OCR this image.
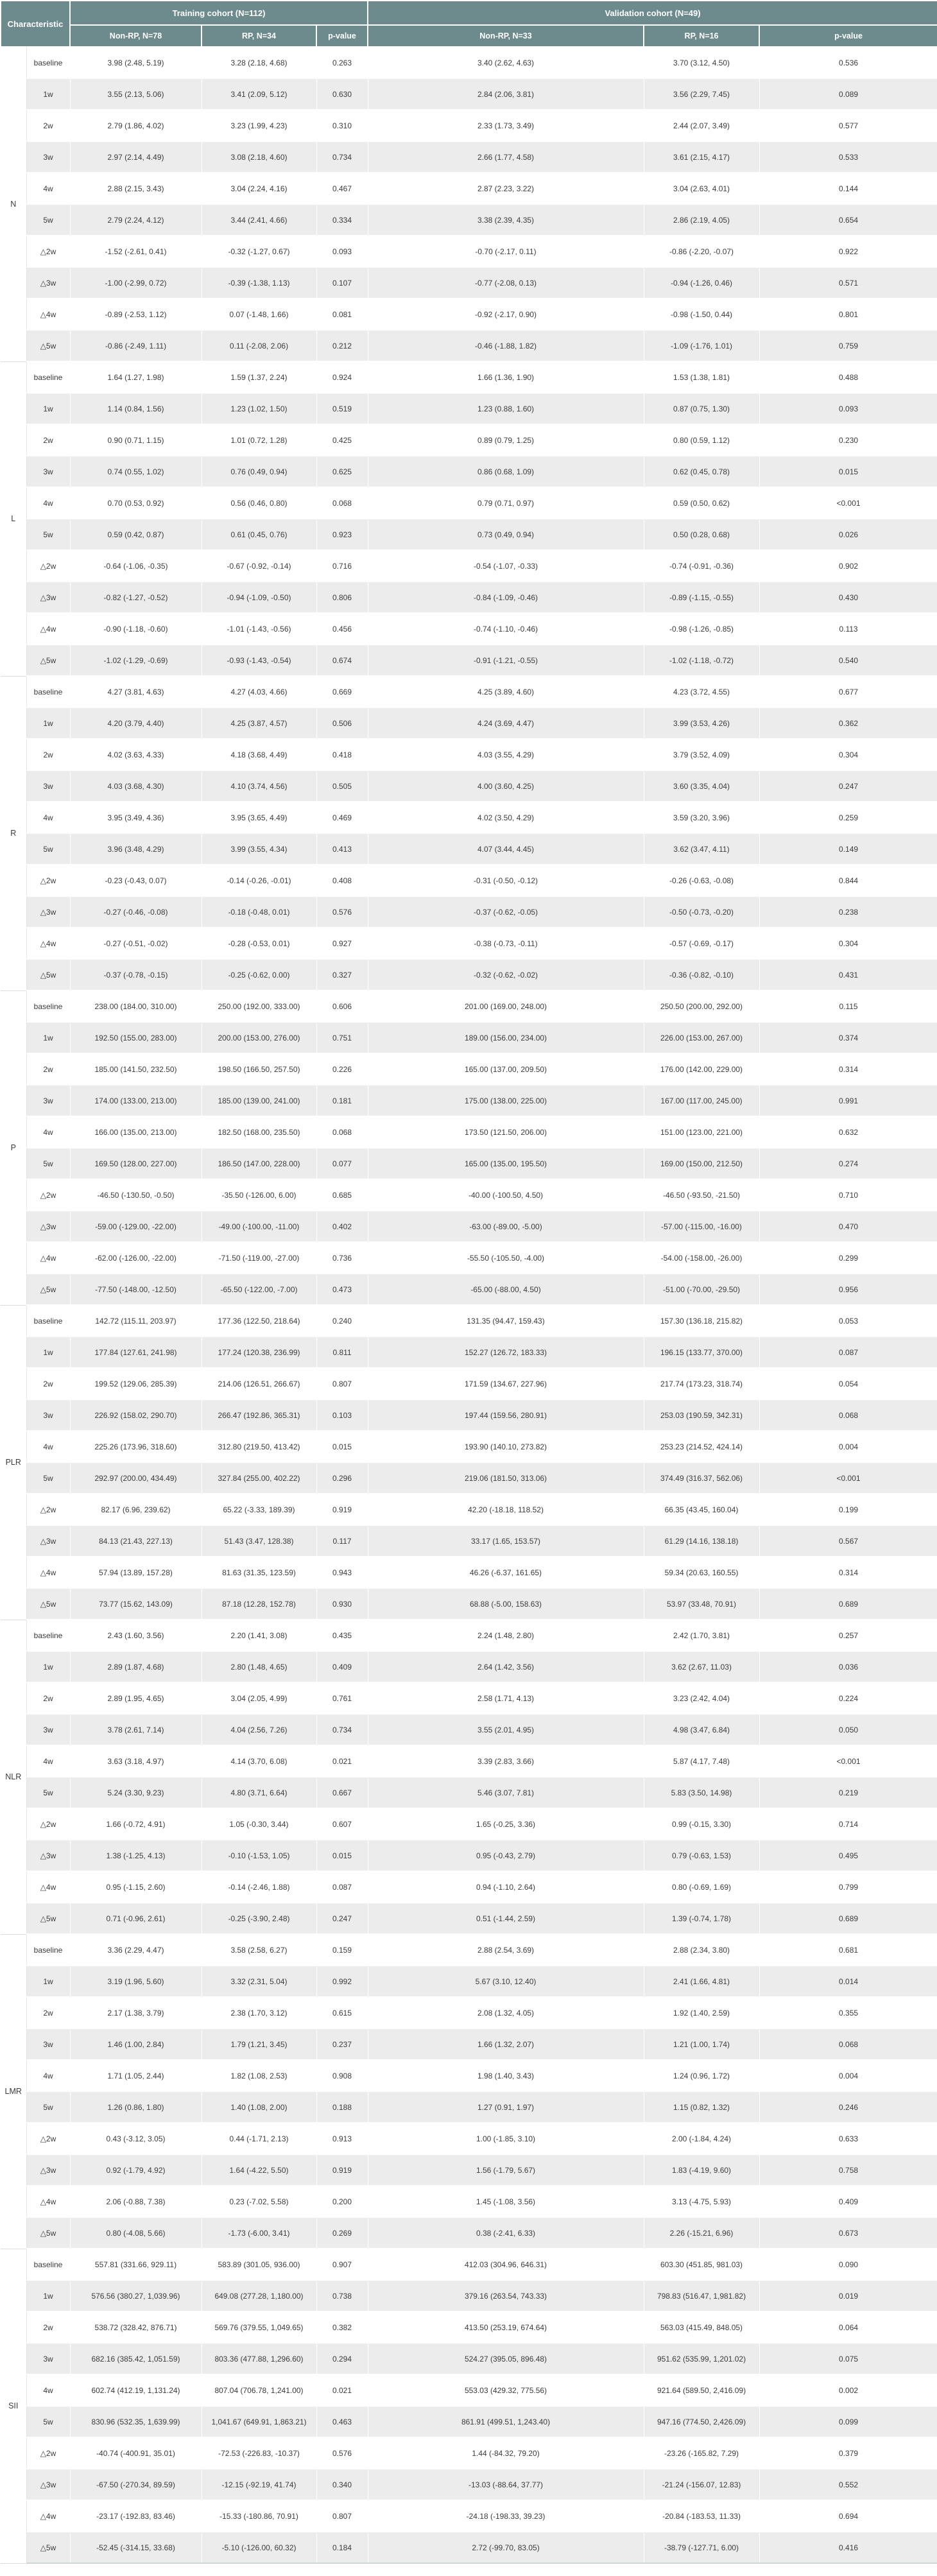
Characteristic		Training cohort (N=112)			Validation cohort (N=49)		
		Non-RP, N=78	RP, N=34	p-value	Non-RP, N=33	RP, N=16	p-value
N	baseline	3.98 (2.48, 5.19)	3.28 (2.18, 4.68)	0.263	3.40 (2.62, 4.63)	3.70 (3.12, 4.50)	0.536
	1w	3.55 (2.13, 5.06)	3.41 (2.09, 5.12)	0.630	2.84 (2.06, 3.81)	3.56 (2.29, 7.45)	0.089
	2w	2.79 (1.86, 4.02)	3.23 (1.99, 4.23)	0.310	2.33 (1.73, 3.49)	2.44 (2.07, 3.49)	0.577
	3w	2.97 (2.14, 4.49)	3.08 (2.18, 4.60)	0.734	2.66 (1.77, 4.58)	3.61 (2.15, 4.17)	0.533
	4w	2.88 (2.15, 3.43)	3.04 (2.24, 4.16)	0.467	2.87 (2.23, 3.22)	3.04 (2.63, 4.01)	0.144
	5w	2.79 (2.24, 4.12)	3.44 (2.41, 4.66)	0.334	3.38 (2.39, 4.35)	2.86 (2.19, 4.05)	0.654
	△2w	-1.52 (-2.61, 0.41)	-0.32 (-1.27, 0.67)	0.093	-0.70 (-2.17, 0.11)	-0.86 (-2.20, -0.07)	0.922
	△3w	-1.00 (-2.99, 0.72)	-0.39 (-1.38, 1.13)	0.107	-0.77 (-2.08, 0.13)	-0.94 (-1.26, 0.46)	0.571
	△4w	-0.89 (-2.53, 1.12)	0.07 (-1.48, 1.66)	0.081	-0.92 (-2.17, 0.90)	-0.98 (-1.50, 0.44)	0.801
	△5w	-0.86 (-2.49, 1.11)	0.11 (-2.08, 2.06)	0.212	-0.46 (-1.88, 1.82)	-1.09 (-1.76, 1.01)	0.759
L	baseline	1.64 (1.27, 1.98)	1.59 (1.37, 2.24)	0.924	1.66 (1.36, 1.90)	1.53 (1.38, 1.81)	0.488
	1w	1.14 (0.84, 1.56)	1.23 (1.02, 1.50)	0.519	1.23 (0.88, 1.60)	0.87 (0.75, 1.30)	0.093
	2w	0.90 (0.71, 1.15)	1.01 (0.72, 1.28)	0.425	0.89 (0.79, 1.25)	0.80 (0.59, 1.12)	0.230
	3w	0.74 (0.55, 1.02)	0.76 (0.49, 0.94)	0.625	0.86 (0.68, 1.09)	0.62 (0.45, 0.78)	0.015
	4w	0.70 (0.53, 0.92)	0.56 (0.46, 0.80)	0.068	0.79 (0.71, 0.97)	0.59 (0.50, 0.62)	<0.001
	5w	0.59 (0.42, 0.87)	0.61 (0.45, 0.76)	0.923	0.73 (0.49, 0.94)	0.50 (0.28, 0.68)	0.026
	△2w	-0.64 (-1.06, -0.35)	-0.67 (-0.92, -0.14)	0.716	-0.54 (-1.07, -0.33)	-0.74 (-0.91, -0.36)	0.902
	△3w	-0.82 (-1.27, -0.52)	-0.94 (-1.09, -0.50)	0.806	-0.84 (-1.09, -0.46)	-0.89 (-1.15, -0.55)	0.430
	△4w	-0.90 (-1.18, -0.60)	-1.01 (-1.43, -0.56)	0.456	-0.74 (-1.10, -0.46)	-0.98 (-1.26, -0.85)	0.113
	△5w	-1.02 (-1.29, -0.69)	-0.93 (-1.43, -0.54)	0.674	-0.91 (-1.21, -0.55)	-1.02 (-1.18, -0.72)	0.540
R	baseline	4.27 (3.81, 4.63)	4.27 (4.03, 4.66)	0.669	4.25 (3.89, 4.60)	4.23 (3.72, 4.55)	0.677
	1w	4.20 (3.79, 4.40)	4.25 (3.87, 4.57)	0.506	4.24 (3.69, 4.47)	3.99 (3.53, 4.26)	0.362
	2w	4.02 (3.63, 4.33)	4.18 (3.68, 4.49)	0.418	4.03 (3.55, 4.29)	3.79 (3.52, 4.09)	0.304
	3w	4.03 (3.68, 4.30)	4.10 (3.74, 4.56)	0.505	4.00 (3.60, 4.25)	3.60 (3.35, 4.04)	0.247
	4w	3.95 (3.49, 4.36)	3.95 (3.65, 4.49)	0.469	4.02 (3.50, 4.29)	3.59 (3.20, 3.96)	0.259
	5w	3.96 (3.48, 4.29)	3.99 (3.55, 4.34)	0.413	4.07 (3.44, 4.45)	3.62 (3.47, 4.11)	0.149
	△2w	-0.23 (-0.43, 0.07)	-0.14 (-0.26, -0.01)	0.408	-0.31 (-0.50, -0.12)	-0.26 (-0.63, -0.08)	0.844
	△3w	-0.27 (-0.46, -0.08)	-0.18 (-0.48, 0.01)	0.576	-0.37 (-0.62, -0.05)	-0.50 (-0.73, -0.20)	0.238
	△4w	-0.27 (-0.51, -0.02)	-0.28 (-0.53, 0.01)	0.927	-0.38 (-0.73, -0.11)	-0.57 (-0.69, -0.17)	0.304
	△5w	-0.37 (-0.78, -0.15)	-0.25 (-0.62, 0.00)	0.327	-0.32 (-0.62, -0.02)	-0.36 (-0.82, -0.10)	0.431
P	baseline	238.00 (184.00, 310.00)	250.00 (192.00, 333.00)	0.606	201.00 (169.00, 248.00)	250.50 (200.00, 292.00)	0.115
	1w	192.50 (155.00, 283.00)	200.00 (153.00, 276.00)	0.751	189.00 (156.00, 234.00)	226.00 (153.00, 267.00)	0.374
	2w	185.00 (141.50, 232.50)	198.50 (166.50, 257.50)	0.226	165.00 (137.00, 209.50)	176.00 (142.00, 229.00)	0.314
	3w	174.00 (133.00, 213.00)	185.00 (139.00, 241.00)	0.181	175.00 (138.00, 225.00)	167.00 (117.00, 245.00)	0.991
	4w	166.00 (135.00, 213.00)	182.50 (168.00, 235.50)	0.068	173.50 (121.50, 206.00)	151.00 (123.00, 221.00)	0.632
	5w	169.50 (128.00, 227.00)	186.50 (147.00, 228.00)	0.077	165.00 (135.00, 195.50)	169.00 (150.00, 212.50)	0.274
	△2w	-46.50 (-130.50, -0.50)	-35.50 (-126.00, 6.00)	0.685	-40.00 (-100.50, 4.50)	-46.50 (-93.50, -21.50)	0.710
	△3w	-59.00 (-129.00, -22.00)	-49.00 (-100.00, -11.00)	0.402	-63.00 (-89.00, -5.00)	-57.00 (-115.00, -16.00)	0.470
	△4w	-62.00 (-126.00, -22.00)	-71.50 (-119.00, -27.00)	0.736	-55.50 (-105.50, -4.00)	-54.00 (-158.00, -26.00)	0.299
	△5w	-77.50 (-148.00, -12.50)	-65.50 (-122.00, -7.00)	0.473	-65.00 (-88.00, 4.50)	-51.00 (-70.00, -29.50)	0.956
PLR	baseline	142.72 (115.11, 203.97)	177.36 (122.50, 218.64)	0.240	131.35 (94.47, 159.43)	157.30 (136.18, 215.82)	0.053
	1w	177.84 (127.61, 241.98)	177.24 (120.38, 236.99)	0.811	152.27 (126.72, 183.33)	196.15 (133.77, 370.00)	0.087
	2w	199.52 (129.06, 285.39)	214.06 (126.51, 266.67)	0.807	171.59 (134.67, 227.96)	217.74 (173.23, 318.74)	0.054
	3w	226.92 (158.02, 290.70)	266.47 (192.86, 365.31)	0.103	197.44 (159.56, 280.91)	253.03 (190.59, 342.31)	0.068
	4w	225.26 (173.96, 318.60)	312.80 (219.50, 413.42)	0.015	193.90 (140.10, 273.82)	253.23 (214.52, 424.14)	0.004
	5w	292.97 (200.00, 434.49)	327.84 (255.00, 402.22)	0.296	219.06 (181.50, 313.06)	374.49 (316.37, 562.06)	<0.001
	△2w	82.17 (6.96, 239.62)	65.22 (-3.33, 189.39)	0.919	42.20 (-18.18, 118.52)	66.35 (43.45, 160.04)	0.199
	△3w	84.13 (21.43, 227.13)	51.43 (3.47, 128.38)	0.117	33.17 (1.65, 153.57)	61.29 (14.16, 138.18)	0.567
	△4w	57.94 (13.89, 157.28)	81.63 (31.35, 123.59)	0.943	46.26 (-6.37, 161.65)	59.34 (20.63, 160.55)	0.314
	△5w	73.77 (15.62, 143.09)	87.18 (12.28, 152.78)	0.930	68.88 (-5.00, 158.63)	53.97 (33.48, 70.91)	0.689
NLR	baseline	2.43 (1.60, 3.56)	2.20 (1.41, 3.08)	0.435	2.24 (1.48, 2.80)	2.42 (1.70, 3.81)	0.257
	1w	2.89 (1.87, 4.68)	2.80 (1.48, 4.65)	0.409	2.64 (1.42, 3.56)	3.62 (2.67, 11.03)	0.036
	2w	2.89 (1.95, 4.65)	3.04 (2.05, 4.99)	0.761	2.58 (1.71, 4.13)	3.23 (2.42, 4.04)	0.224
	3w	3.78 (2.61, 7.14)	4.04 (2.56, 7.26)	0.734	3.55 (2.01, 4.95)	4.98 (3.47, 6.84)	0.050
	4w	3.63 (3.18, 4.97)	4.14 (3.70, 6.08)	0.021	3.39 (2.83, 3.66)	5.87 (4.17, 7.48)	<0.001
	5w	5.24 (3.30, 9.23)	4.80 (3.71, 6.64)	0.667	5.46 (3.07, 7.81)	5.83 (3.50, 14.98)	0.219
	△2w	1.66 (-0.72, 4.91)	1.05 (-0.30, 3.44)	0.607	1.65 (-0.25, 3.36)	0.99 (-0.15, 3.30)	0.714
	△3w	1.38 (-1.25, 4.13)	-0.10 (-1.53, 1.05)	0.015	0.95 (-0.43, 2.79)	0.79 (-0.63, 1.53)	0.495
	△4w	0.95 (-1.15, 2.60)	-0.14 (-2.46, 1.88)	0.087	0.94 (-1.10, 2.64)	0.80 (-0.69, 1.69)	0.799
	△5w	0.71 (-0.96, 2.61)	-0.25 (-3.90, 2.48)	0.247	0.51 (-1.44, 2.59)	1.39 (-0.74, 1.78)	0.689
LMR	baseline	3.36 (2.29, 4.47)	3.58 (2.58, 6.27)	0.159	2.88 (2.54, 3.69)	2.88 (2.34, 3.80)	0.681
	1w	3.19 (1.96, 5.60)	3.32 (2.31, 5.04)	0.992	5.67 (3.10, 12.40)	2.41 (1.66, 4.81)	0.014
	2w	2.17 (1.38, 3.79)	2.38 (1.70, 3.12)	0.615	2.08 (1.32, 4.05)	1.92 (1.40, 2.59)	0.355
	3w	1.46 (1.00, 2.84)	1.79 (1.21, 3.45)	0.237	1.66 (1.32, 2.07)	1.21 (1.00, 1.74)	0.068
	4w	1.71 (1.05, 2.44)	1.82 (1.08, 2.53)	0.908	1.98 (1.40, 3.43)	1.24 (0.96, 1.72)	0.004
	5w	1.26 (0.86, 1.80)	1.40 (1.08, 2.00)	0.188	1.27 (0.91, 1.97)	1.15 (0.82, 1.32)	0.246
	△2w	0.43 (-3.12, 3.05)	0.44 (-1.71, 2.13)	0.913	1.00 (-1.85, 3.10)	2.00 (-1.84, 4.24)	0.633
	△3w	0.92 (-1.79, 4.92)	1.64 (-4.22, 5.50)	0.919	1.56 (-1.79, 5.67)	1.83 (-4.19, 9.60)	0.758
	△4w	2.06 (-0.88, 7.38)	0.23 (-7.02, 5.58)	0.200	1.45 (-1.08, 3.56)	3.13 (-4.75, 5.93)	0.409
	△5w	0.80 (-4.08, 5.66)	-1.73 (-6.00, 3.41)	0.269	0.38 (-2.41, 6.33)	2.26 (-15.21, 6.96)	0.673
SII	baseline	557.81 (331.66, 929.11)	583.89 (301.05, 936.00)	0.907	412.03 (304.96, 646.31)	603.30 (451.85, 981.03)	0.090
	1w	576.56 (380.27, 1,039.96)	649.08 (277.28, 1,180.00)	0.738	379.16 (263.54, 743.33)	798.83 (516.47, 1,981.82)	0.019
	2w	538.72 (328.42, 876.71)	569.76 (379.55, 1,049.65)	0.382	413.50 (253.19, 674.64)	563.03 (415.49, 848.05)	0.064
	3w	682.16 (385.42, 1,051.59)	803.36 (477.88, 1,296.60)	0.294	524.27 (395.05, 896.48)	951.62 (535.99, 1,201.02)	0.075
	4w	602.74 (412.19, 1,131.24)	807.04 (706.78, 1,241.00)	0.021	553.03 (429.32, 775.56)	921.64 (589.50, 2,416.09)	0.002
	5w	830.96 (532.35, 1,639.99)	1,041.67 (649.91, 1,863.21)	0.463	861.91 (499.51, 1,243.40)	947.16 (774.50, 2,426.09)	0.099
	△2w	-40.74 (-400.91, 35.01)	-72.53 (-226.83, -10.37)	0.576	1.44 (-84.32, 79.20)	-23.26 (-165.82, 7.29)	0.379
	△3w	-67.50 (-270.34, 89.59)	-12.15 (-92.19, 41.74)	0.340	-13.03 (-88.64, 37.77)	-21.24 (-156.07, 12.83)	0.552
	△4w	-23.17 (-192.83, 83.46)	-15.33 (-180.86, 70.91)	0.807	-24.18 (-198.33, 39.23)	-20.84 (-183.53, 11.33)	0.694
	△5w	-52.45 (-314.15, 33.68)	-5.10 (-126.00, 60.32)	0.184	2.72 (-99.70, 83.05)	-38.79 (-127.71, 6.00)	0.416
